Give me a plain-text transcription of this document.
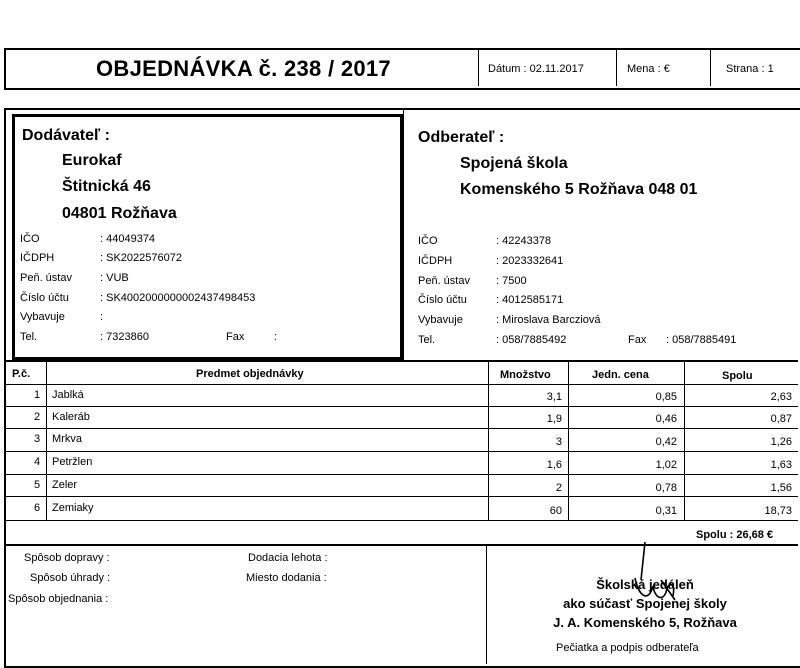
OBJEDNÁVKA č. 238 / 2017	Dátum : 02.11.2017	Mena : €	Strana : 1
Dodávateľ :
Eurokaf
Štitnická 46
04801 Rožňava
IČO	: 44049374
IČDPH	: SK2022576072
Peň. ústav	: VUB
Číslo účtu	: SK4002000000002437498453
Vybavuje	:
Tel.	: 7323860	Fax	:
Odberateľ :
Spojená škola
Komenského 5 Rožňava 048 01
IČO	: 42243378
IČDPH	: 2023332641
Peň. ústav : 7500
Číslo účtu	: 4012585171
Vybavuje	: Miroslava Barcziová
Tel.	: 058/7885492	Fax : 058/7885491
P.č.	Predmet objednávky	Množstvo	Jedn. cena	Spolu
1 Jablká	3,1	0,85	2,63
2 Kaleráb	1,9	0,46	0,87
3 Mrkva	3	0,42	1,26
4 Petržlen	1,6	1,02	1,63
5 Zeler	2	0,78	1,56
6 Zemiaky	60	0,31	18,73
Spolu : 26,68 €
Spôsob dopravy :
Spôsob úhrady :
Spôsob objednania :
Dodacia lehota :
Miesto dodania :	Školská jedáleň
ako súčasť Spojenej školy
J. A. Komenského 5, Rožňava
Pečiatka a podpis odberateľa
